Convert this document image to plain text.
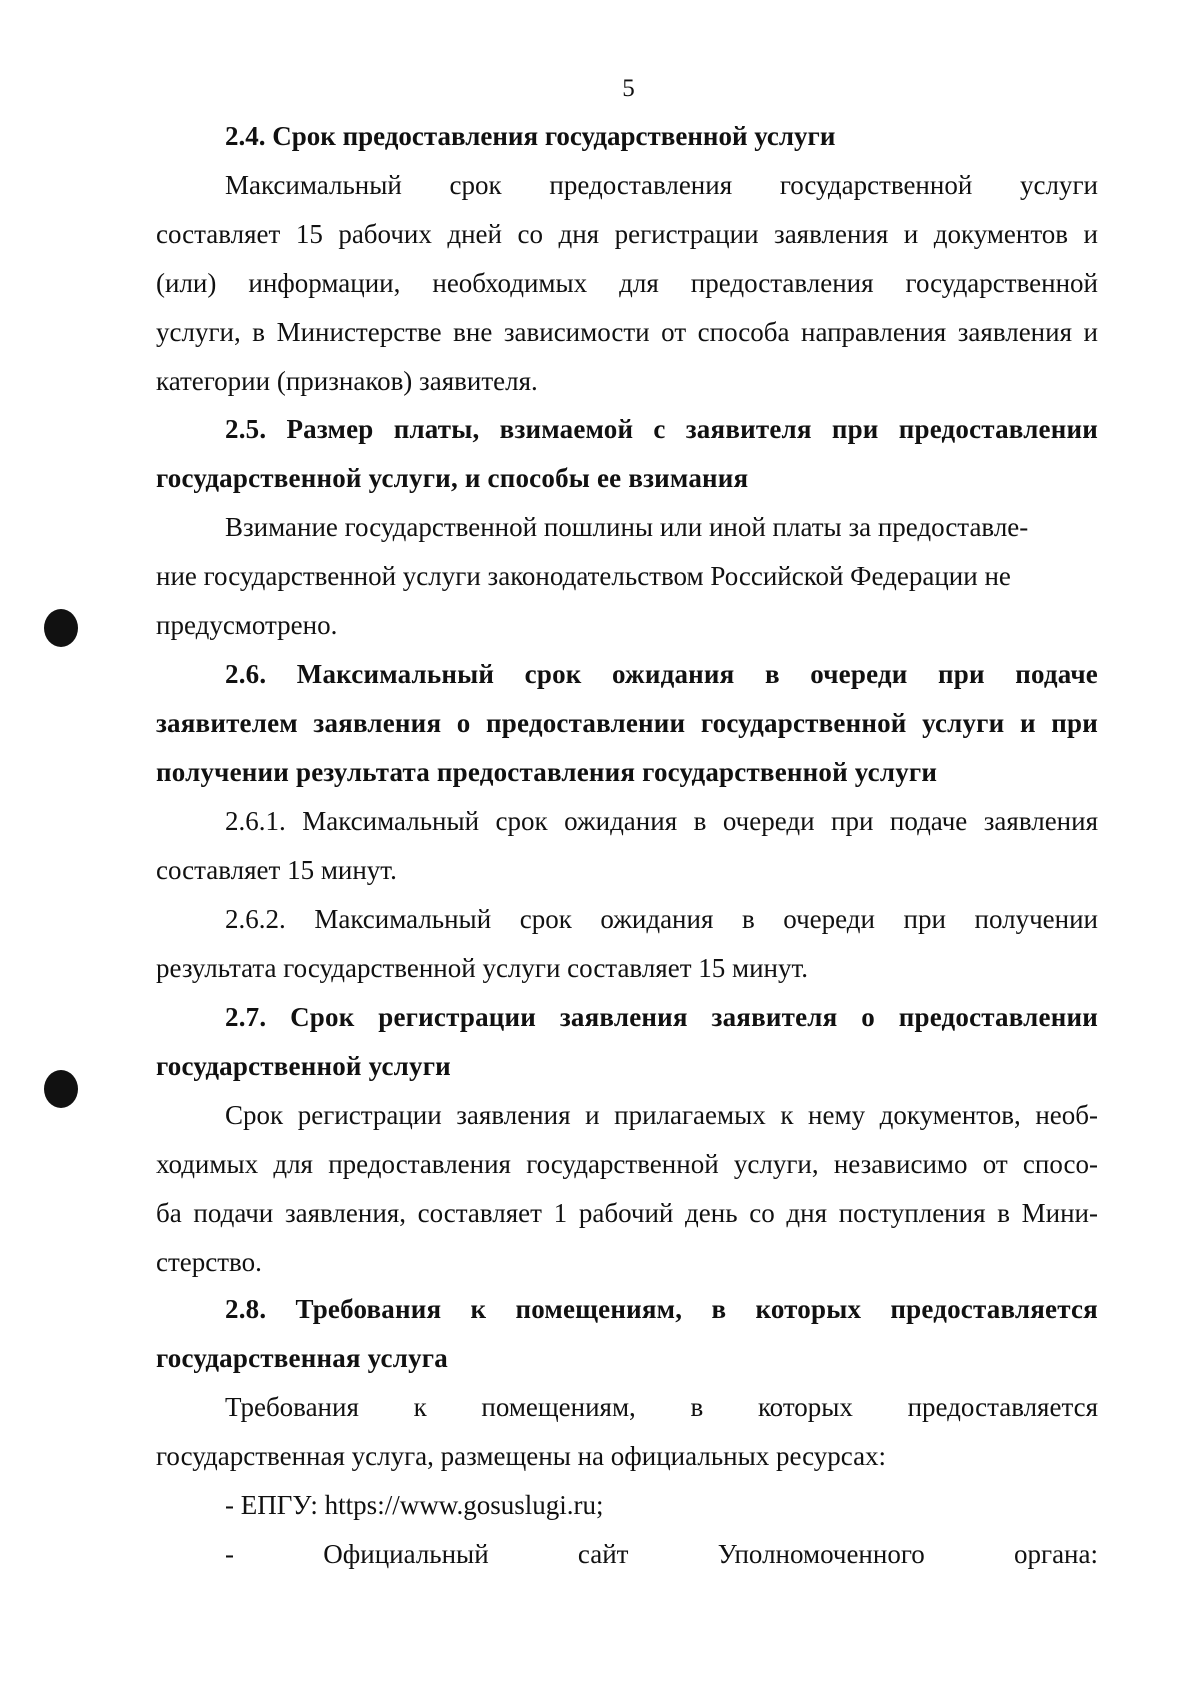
5

2.4. Срок предоставления государственной услуги

Максимальный срок предоставления государственной услуги

составляет 15 рабочих дней со дня регистрации заявления и документов и

(или) информации, необходимых для предоставления государственной

услуги, в Министерстве вне зависимости от способа направления заявления и

категории (признаков) заявителя.

2.5. Размер платы, взимаемой с заявителя при предоставлении

государственной услуги, и способы ее взимания

Взимание государственной пошлины или иной платы за предоставле-

ние государственной услуги законодательством Российской Федерации не

предусмотрено.

2.6. Максимальный срок ожидания в очереди при подаче

заявителем заявления о предоставлении государственной услуги и при

получении результата предоставления государственной услуги

2.6.1. Максимальный срок ожидания в очереди при подаче заявления

составляет 15 минут.

2.6.2. Максимальный срок ожидания в очереди при получении

результата государственной услуги составляет 15 минут.

2.7. Срок регистрации заявления заявителя о предоставлении

государственной услуги

Срок регистрации заявления и прилагаемых к нему документов, необ-

ходимых для предоставления государственной услуги, независимо от спосо-

ба подачи заявления, составляет 1 рабочий день со дня поступления в Мини-

стерство.

2.8. Требования к помещениям, в которых предоставляется

государственная услуга

Требования к помещениям, в которых предоставляется

государственная услуга, размещены на официальных ресурсах:

- ЕПГУ: https://www.gosuslugi.ru;

- Официальный сайт Уполномоченного органа:
